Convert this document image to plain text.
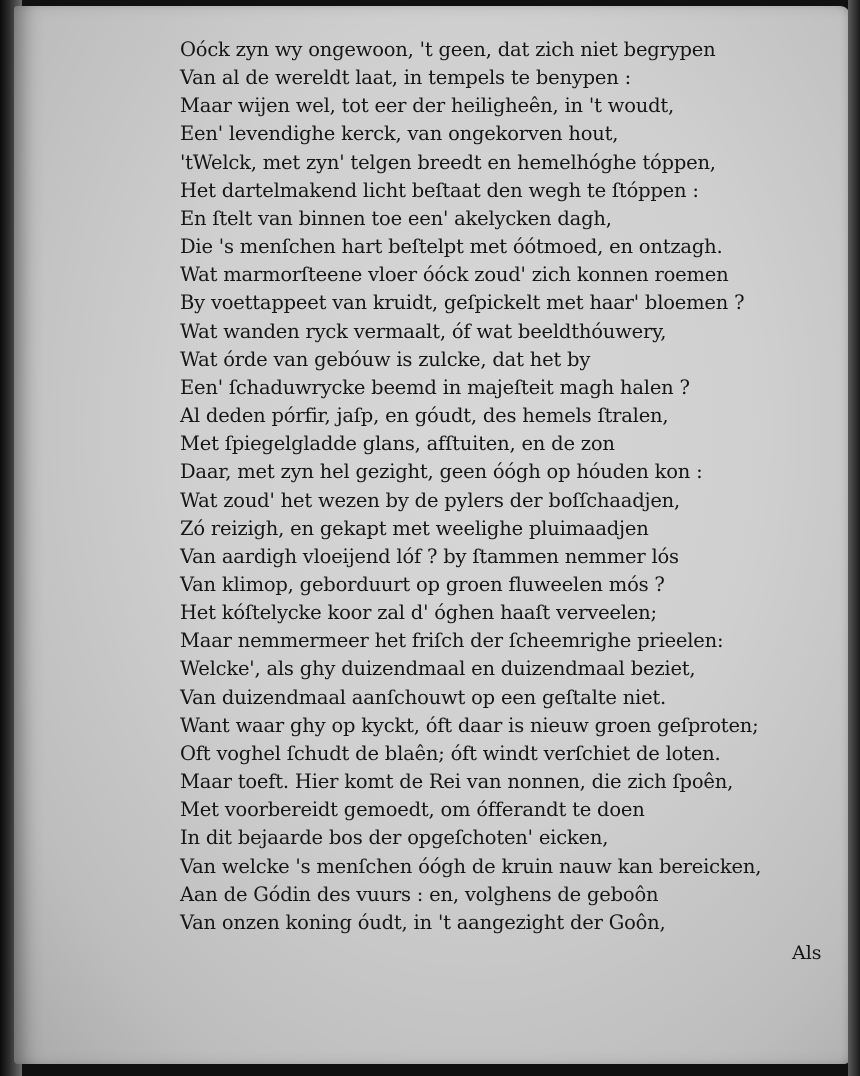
Oóck zyn wy ongewoon, 't geen, dat zich niet begrypen
Van al de wereldt laat, in tempels te benypen :
Maar wijen wel, tot eer der heiligheên, in 't woudt,
Een' levendighe kerck, van ongekorven hout,
'tWelck, met zyn' telgen breedt en hemelhóghe tóppen,
Het dartelmakend licht beſtaat den wegh te ſtóppen :
En ſtelt van binnen toe een' akelycken dagh,
Die 's menſchen hart beſtelpt met óótmoed, en ontzagh.
Wat marmorſteene vloer óóck zoud' zich konnen roemen
By voettappeet van kruidt, geſpickelt met haar' bloemen ?
Wat wanden ryck vermaalt, óf wat beeldthóuwery,
Wat órde van gebóuw is zulcke, dat het by
Een' ſchaduwrycke beemd in majeſteit magh halen ?
Al deden pórfir, jaſp, en góudt, des hemels ſtralen,
Met ſpiegelgladde glans, afſtuiten, en de zon
Daar, met zyn hel gezight, geen óógh op hóuden kon :
Wat zoud' het wezen by de pylers der boſſchaadjen,
Zó reizigh, en gekapt met weelighe pluimaadjen
Van aardigh vloeijend lóf ? by ſtammen nemmer lós
Van klimop, geborduurt op groen fluweelen mós ?
Het kóſtelycke koor zal d' óghen haaſt verveelen;
Maar nemmermeer het friſch der ſcheemrighe prieelen:
Welcke', als ghy duizendmaal en duizendmaal beziet,
Van duizendmaal aanſchouwt op een geſtalte niet.
Want waar ghy op kyckt, óft daar is nieuw groen geſproten;
Oft voghel ſchudt de blaên; óft windt verſchiet de loten.
Maar toeft. Hier komt de Rei van nonnen, die zich ſpoên,
Met voorbereidt gemoedt, om ófferandt te doen
In dit bejaarde bos der opgeſchoten' eicken,
Van welcke 's menſchen óógh de kruin nauw kan bereicken,
Aan de Gódin des vuurs : en, volghens de geboôn
Van onzen koning óudt, in 't aangezight der Goôn,
Als
